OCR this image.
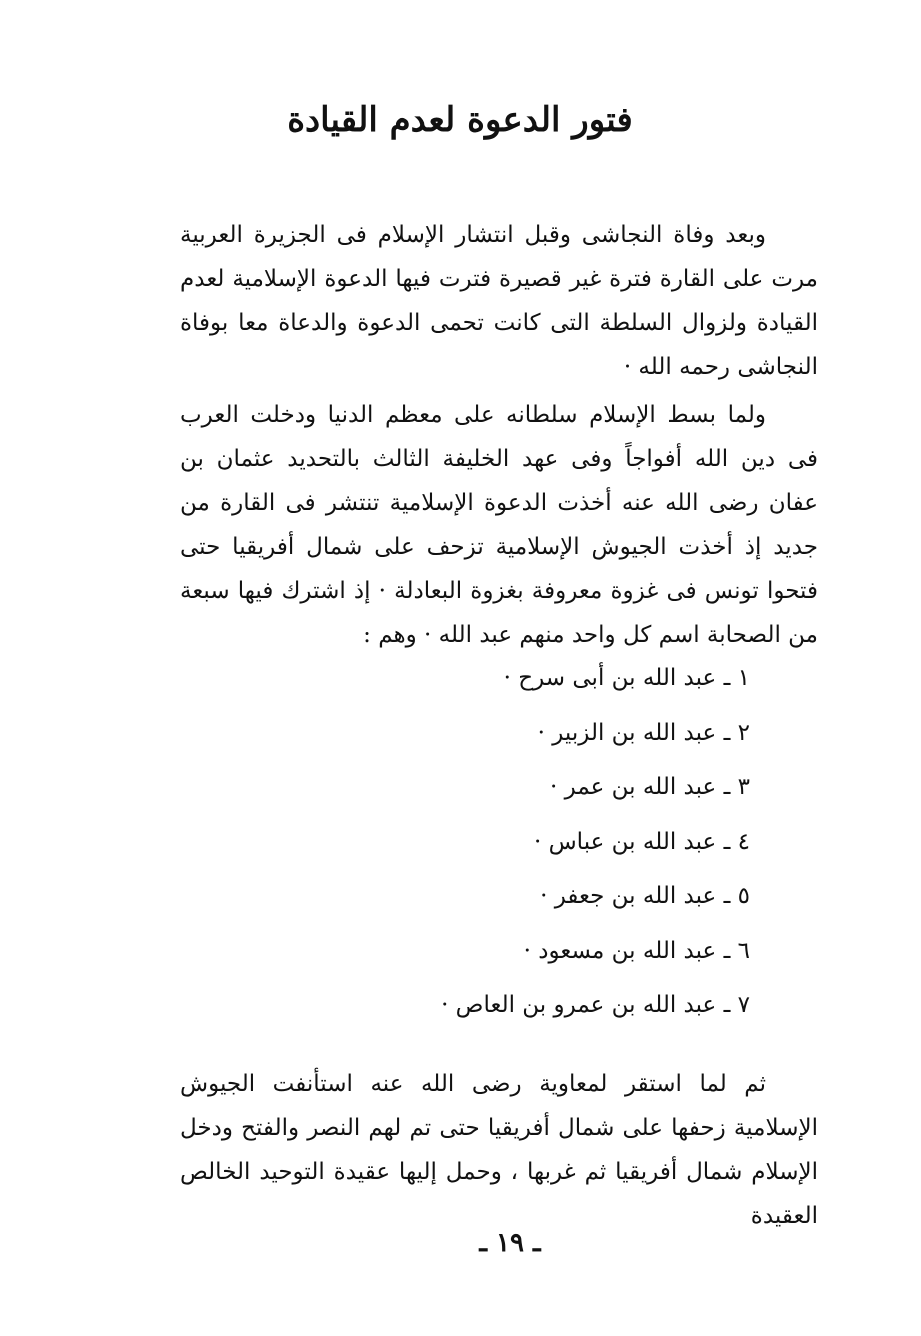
فتور الدعوة لعدم القيادة

وبعد وفاة النجاشى وقبل انتشار الإسلام فى الجزيرة العربية مرت على القارة فترة غير قصيرة فترت فيها الدعوة الإسلامية لعدم القيادة ولزوال السلطة التى كانت تحمى الدعوة والدعاة معا بوفاة النجاشى رحمه الله ·

ولما بسط الإسلام سلطانه على معظم الدنيا ودخلت العرب فى دين الله أفواجاً وفى عهد الخليفة الثالث بالتحديد عثمان بن عفان رضى الله عنه أخذت الدعوة الإسلامية تنتشر فى القارة من جديد إذ أخذت الجيوش الإسلامية تزحف على شمال أفريقيا حتى فتحوا تونس فى غزوة معروفة بغزوة البعادلة · إذ اشترك فيها سبعة من الصحابة اسم كل واحد منهم عبد الله · وهم :

١ ـ عبد الله بن أبى سرح ·
٢ ـ عبد الله بن الزبير ·
٣ ـ عبد الله بن عمر ·
٤ ـ عبد الله بن عباس ·
٥ ـ عبد الله بن جعفر ·
٦ ـ عبد الله بن مسعود ·
٧ ـ عبد الله بن عمرو بن العاص ·

ثم لما استقر لمعاوية رضى الله عنه استأنفت الجيوش الإسلامية زحفها على شمال أفريقيا حتى تم لهم النصر والفتح ودخل الإسلام شمال أفريقيا ثم غربها ، وحمل إليها عقيدة التوحيد الخالص العقيدة

ـ ١٩ ـ
